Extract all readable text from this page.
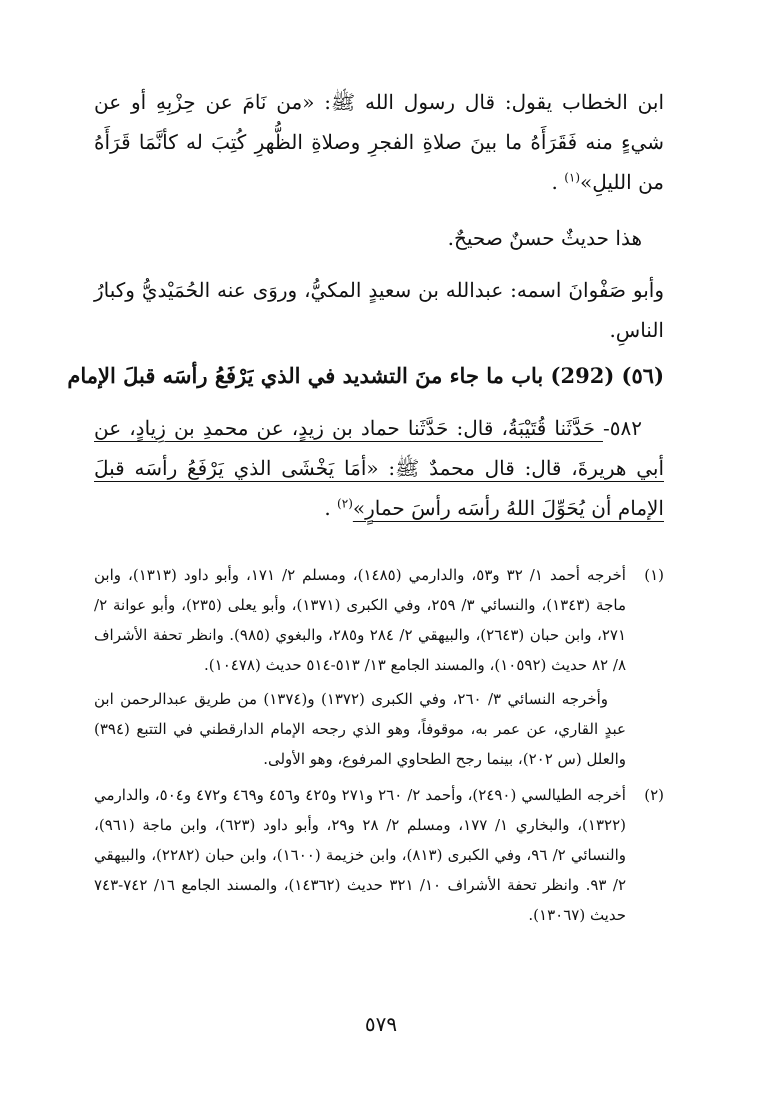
ابن الخطاب يقول: قال رسول الله ﷺ: «من نَامَ عن حِزْبِهِ أو عن شيءٍ منه فَقَرَأَهُ ما بينَ صلاةِ الفجرِ وصلاةِ الظُّهرِ كُتِبَ له كأنَّمَا قَرَأَهُ من الليلِ»$^{(١)}$ .
هذا حديثٌ حسنٌ صحيحٌ.
وأبو صَفْوانَ اسمه: عبدالله بن سعيدٍ المكيُّ، وروَى عنه الحُمَيْديُّ وكبارُ الناسِ.
(٥٦) (292) باب ما جاء منَ التشديد في الذي يَرْفَعُ رأسَه قبلَ الإمام
٥٨٢- حَدَّثَنا قُتَيْبَةُ، قال: حَدَّثَنا حماد بن زيدٍ، عن محمدِ بن زِيادٍ، عن أبي هريرةَ، قال: قال محمدٌ ﷺ: «أمَا يَخْشَى الذي يَرْفَعُ رأسَه قبلَ الإمام أن يُحَوِّلَ اللهُ رأسَه رأسَ حمارٍ»$^{(٢)}$ .
(١)
أخرجه أحمد ١/ ٣٢ و٥٣، والدارمي (١٤٨٥)، ومسلم ٢/ ١٧١، وأبو داود (١٣١٣)، وابن ماجة (١٣٤٣)، والنسائي ٣/ ٢٥٩، وفي الكبرى (١٣٧١)، وأبو يعلى (٢٣٥)، وأبو عوانة ٢/ ٢٧١، وابن حبان (٢٦٤٣)، والبيهقي ٢/ ٢٨٤ و٢٨٥، والبغوي (٩٨٥). وانظر تحفة الأشراف ٨/ ٨٢ حديث (١٠٥٩٢)، والمسند الجامع ١٣/ ٥١٣-٥١٤ حديث (١٠٤٧٨).
وأخرجه النسائي ٣/ ٢٦٠، وفي الكبرى (١٣٧٢) و(١٣٧٤) من طريق عبدالرحمن ابن عبدٍ القاري، عن عمر به، موقوفاً، وهو الذي رجحه الإمام الدارقطني في التتبع (٣٩٤) والعلل (س ٢٠٢)، بينما رجح الطحاوي المرفوع، وهو الأولى.
(٢)
أخرجه الطيالسي (٢٤٩٠)، وأحمد ٢/ ٢٦٠ و٢٧١ و٤٢٥ و٤٥٦ و٤٦٩ و٤٧٢ و٥٠٤، والدارمي (١٣٢٢)، والبخاري ١/ ١٧٧، ومسلم ٢/ ٢٨ و٢٩، وأبو داود (٦٢٣)، وابن ماجة (٩٦١)، والنسائي ٢/ ٩٦، وفي الكبرى (٨١٣)، وابن خزيمة (١٦٠٠)، وابن حبان (٢٢٨٢)، والبيهقي ٢/ ٩٣. وانظر تحفة الأشراف ١٠/ ٣٢١ حديث (١٤٣٦٢)، والمسند الجامع ١٦/ ٧٤٢-٧٤٣ حديث (١٣٠٦٧).
٥٧٩
